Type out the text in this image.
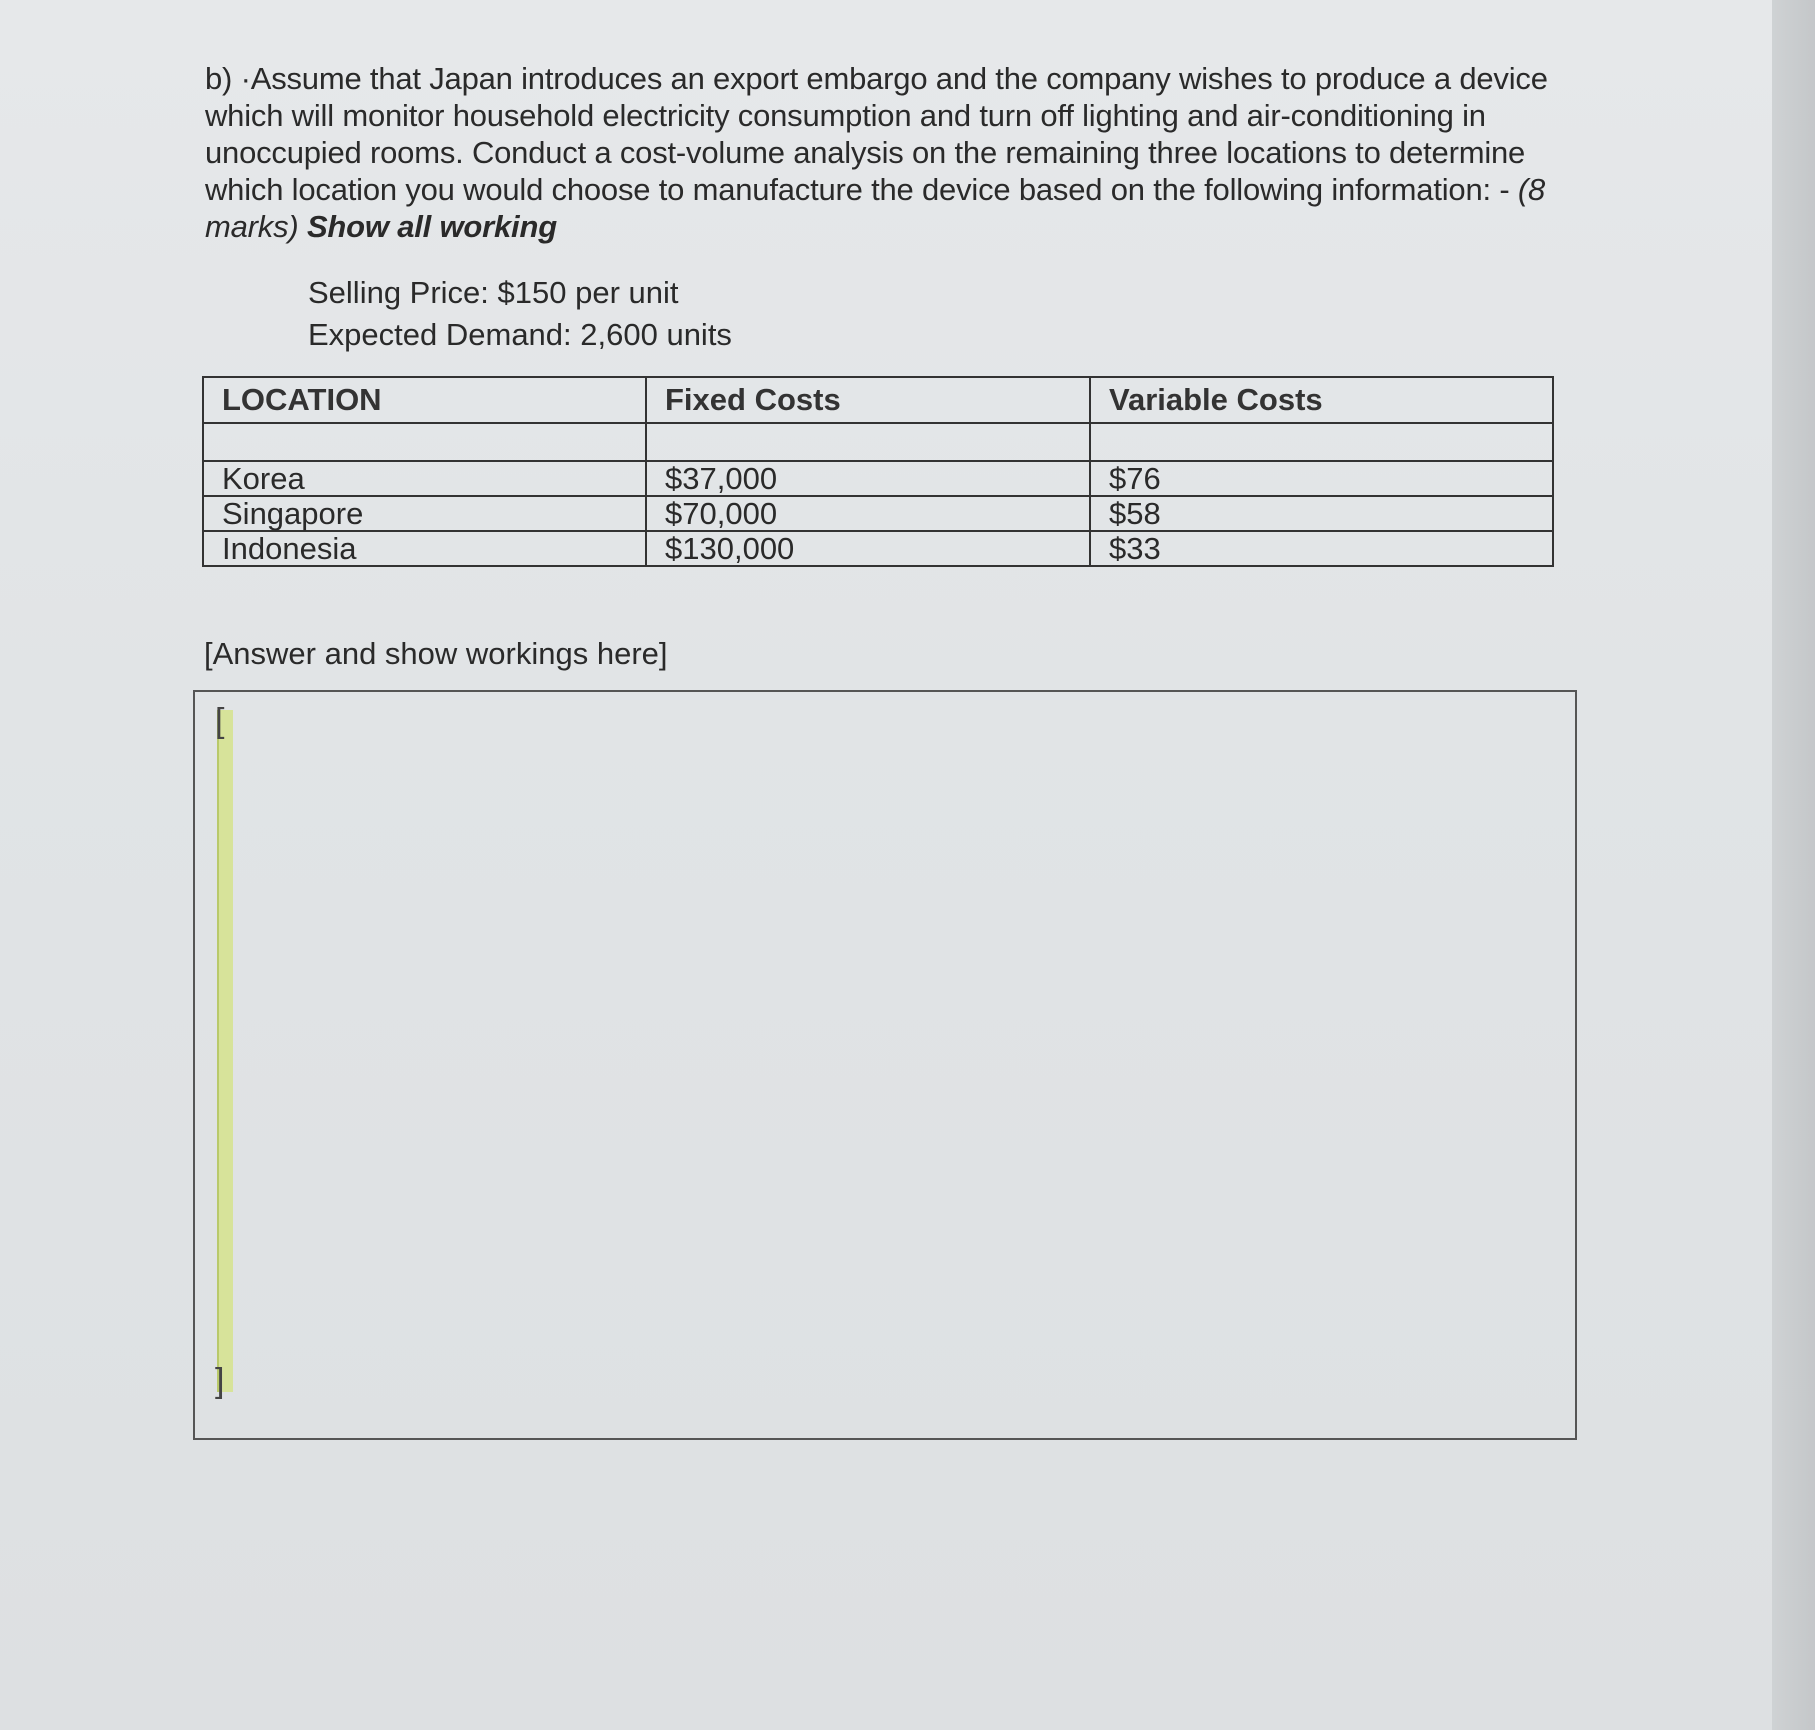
b) ·Assume that Japan introduces an export embargo and the company wishes to produce a device which will monitor household electricity consumption and turn off lighting and air-conditioning in unoccupied rooms. Conduct a cost-volume analysis on the remaining three locations to determine which location you would choose to manufacture the device based on the following information: - (8 marks) Show all working
Selling Price: $150 per unit
Expected Demand: 2,600 units
LOCATION	Fixed Costs	Variable Costs

Korea	$37,000	$76
Singapore	$70,000	$58
Indonesia	$130,000	$33
[Answer and show workings here]
[
]
